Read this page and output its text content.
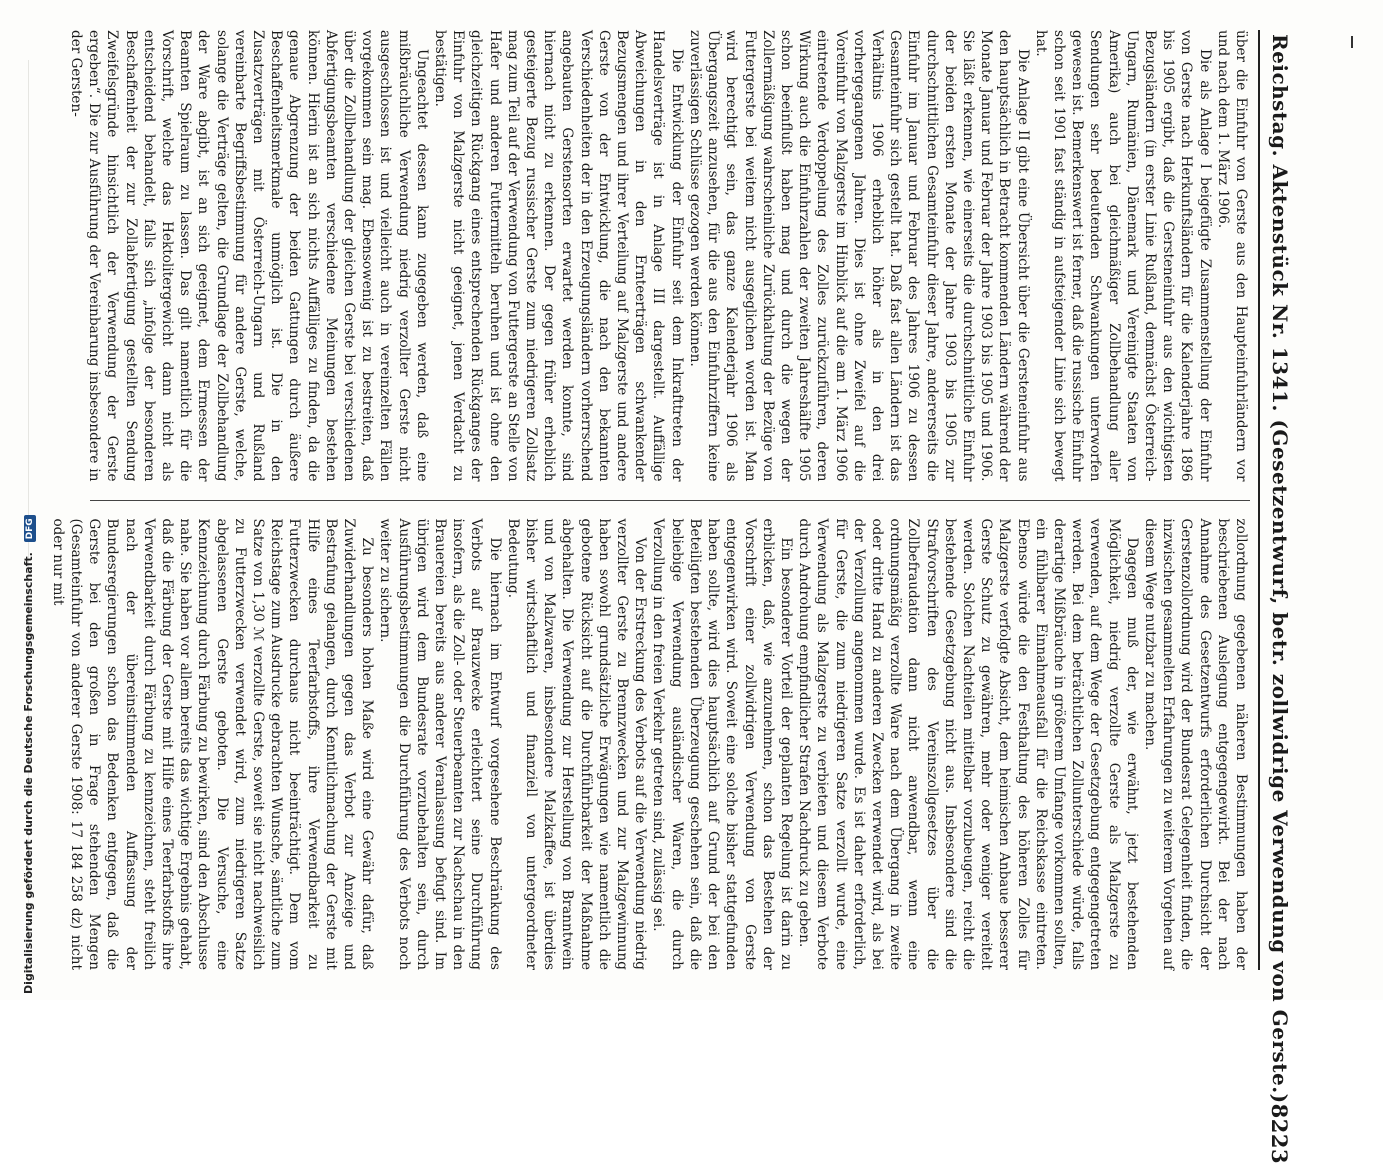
Reichstag. Aktenstück Nr. 1341. (Gesetzentwurf, betr. zollwidrige Verwendung von Gerste.)
8223

über die Einfuhr von Gerste aus den Haupteinfuhrländern vor und nach dem 1. März 1906.

Die als Anlage I beigefügte Zusammenstellung der Einfuhr von Gerste nach Herkunftsländern für die Kalenderjahre 1896 bis 1905 ergibt, daß die Gersteneinfuhr aus den wichtigsten Bezugsländern (in erster Linie Rußland, demnächst Österreich-Ungarn, Rumänien, Dänemark und Vereinigte Staaten von Amerika) auch bei gleichmäßiger Zollbehandlung aller Sendungen sehr bedeutenden Schwankungen unterworfen gewesen ist. Bemerkenswert ist ferner, daß die russische Einfuhr schon seit 1901 fast ständig in aufsteigender Linie sich bewegt hat.

Die Anlage II gibt eine Übersicht über die Gersteneinfuhr aus den hauptsächlich in Betracht kommenden Ländern während der Monate Januar und Februar der Jahre 1903 bis 1905 und 1906. Sie läßt erkennen, wie einerseits die durchschnittliche Einfuhr der beiden ersten Monate der Jahre 1903 bis 1905 zur durchschnittlichen Gesamteinfuhr dieser Jahre, andererseits die Einfuhr im Januar und Februar des Jahres 1906 zu dessen Gesamteinfuhr sich gestellt hat. Daß fast allen Ländern ist das Verhältnis 1906 erheblich höher als in den drei vorhergegangenen Jahren. Dies ist ohne Zweifel auf die Voreinfuhr von Malzgerste im Hinblick auf die am 1. März 1906 eintretende Verdoppelung des Zolles zurückzuführen, deren Wirkung auch die Einfuhrzahlen der zweiten Jahreshälfte 1905 schon beeinflußt haben mag und durch die wegen der Zollermäßigung wahrscheinliche Zurückhaltung der Bezüge von Futtergerste bei weitem nicht ausgeglichen worden ist. Man wird berechtigt sein, das ganze Kalenderjahr 1906 als Übergangszeit anzusehen, für die aus den Einfuhrziffern keine zuverlässigen Schlüsse gezogen werden können.

Die Entwicklung der Einfuhr seit dem Inkrafttreten der Handelsverträge ist in Anlage III dargestellt. Auffällige Abweichungen in den Ernteerträgen schwankender Bezugsmengen und ihrer Verteilung auf Malzgerste und andere Gerste von der Entwicklung, die nach den bekannten Verschiedenheiten der in den Erzeugungsländern vorherrschend angebauten Gerstensorten erwartet werden konnte, sind hiernach nicht zu erkennen. Der gegen früher erheblich gesteigerte Bezug russischer Gerste zum niedrigeren Zollsatz mag zum Teil auf der Verwendung von Futtergerste an Stelle von Hafer und anderen Futtermitteln beruhen und ist ohne den gleichzeitigen Rückgang eines entsprechenden Rückganges der Einfuhr von Malzgerste nicht geeignet, jenen Verdacht zu bestätigen.

Ungeachtet dessen kann zugegeben werden, daß eine mißbräuchliche Verwendung niedrig verzollter Gerste nicht ausgeschlossen ist und vielleicht auch in vereinzelten Fällen vorgekommen sein mag. Ebensowenig ist zu bestreiten, daß über die Zollbehandlung der gleichen Gerste bei verschiedenen Abfertigungsbeamten verschiedene Meinungen bestehen können. Hierin ist an sich nichts Auffälliges zu finden, da die genaue Abgrenzung der beiden Gattungen durch äußere Beschaffenheitsmerkmale unmöglich ist. Die in den Zusatzverträgen mit Österreich-Ungarn und Rußland vereinbarte Begriffsbestimmung für andere Gerste, welche, solange die Verträge gelten, die Grundlage der Zollbehandlung der Ware abgibt, ist an sich geeignet, dem Ermessen der Beamten Spielraum zu lassen. Das gilt namentlich für die Vorschrift, welche das Hektolitergewicht dann nicht als entscheidend behandelt, falls sich „infolge der besonderen Beschaffenheit der zur Zollabfertigung gestellten Sendung Zweifelsgründe hinsichtlich der Verwendung der Gerste ergeben“. Die zur Ausführung der Vereinbarung insbesondere in der Gersten-

zollordnung gegebenen näheren Bestimmungen haben der beschriebenen Auslegung entgegengewirkt. Bei der nach Annahme des Gesetzentwurfs erforderlichen Durchsicht der Gerstenzollordnung wird der Bundesrat Gelegenheit finden, die inzwischen gesammelten Erfahrungen zu weiterem Vorgehen auf diesem Wege nutzbar zu machen.

Dagegen muß der, wie erwähnt, jetzt bestehenden Möglichkeit, niedrig verzollte Gerste als Malzgerste zu verwenden, auf dem Wege der Gesetzgebung entgegengetreten werden. Bei dem beträchtlichen Zollunterschiede würde, falls derartige Mißbräuche in größerem Umfange vorkommen sollten, ein fühlbarer Einnahmeausfall für die Reichskasse eintreten. Ebenso würde die den Festhaltung des höheren Zolles für Malzgerste verfolgte Absicht, dem heimischen Anbaue besserer Gerste Schutz zu gewähren, mehr oder weniger vereitelt werden. Solchen Nachteilen mittelbar vorzubeugen, reicht die bestehende Gesetzgebung nicht aus. Insbesondere sind die Strafvorschriften des Vereinszollgesetzes über die Zollbefraudation dann nicht anwendbar, wenn eine ordnungsmäßig verzollte Ware nach dem Übergang in zweite oder dritte Hand zu anderen Zwecken verwendet wird, als bei der Verzollung angenommen wurde. Es ist daher erforderlich, für Gerste, die zum niedrigeren Satze verzollt wurde, eine Verwendung als Malzgerste zu verbieten und diesem Verbote durch Androhung empfindlicher Strafen Nachdruck zu geben.

Ein besonderer Vorteil der geplanten Regelung ist darin zu erblicken, daß, wie anzunehmen, schon das Bestehen der Vorschrift einer zollwidrigen Verwendung von Gerste entgegenwirken wird. Soweit eine solche bisher stattgefunden haben sollte, wird dies hauptsächlich auf Grund der bei den Beteiligten bestehenden Überzeugung geschehen sein, daß die beliebige Verwendung ausländischer Waren, die durch Verzollung in den freien Verkehr getreten sind, zulässig sei.

Von der Erstreckung des Verbots auf die Verwendung niedrig verzollter Gerste zu Brennzwecken und zur Malzgewinnung haben sowohl grundsätzliche Erwägungen wie namentlich die gebotene Rücksicht auf die Durchführbarkeit der Maßnahme abgehalten. Die Verwendung zur Herstellung von Branntwein und von Malzwaren, insbesondere Malzkaffee, ist überdies bisher wirtschaftlich und finanziell von untergeordneter Bedeutung.

Die hiernach im Entwurf vorgesehene Beschränkung des Verbots auf Brauzwecke erleichtert seine Durchführung insofern, als die Zoll- oder Steuerbeamten zur Nachschau in den Brauereien bereits aus anderer Veranlassung befugt sind. Im übrigen wird dem Bundesrate vorzubehalten sein, durch Ausführungsbestimmungen die Durchführung des Verbots noch weiter zu sichern.

Zu besonders hohen Maße wird eine Gewähr dafür, daß Zuwiderhandlungen gegen das Verbot zur Anzeige und Bestrafung gelangen, durch Kenntlichmachung der Gerste mit Hilfe eines Teerfarbstoffs, ihre Verwendbarkeit zu Futterzwecken durchaus nicht beeinträchtigt. Dem vom Reichstage zum Ausdrucke gebrachten Wunsche, sämtliche zum Satze von 1,30 ℳ verzollte Gerste, soweit sie nicht nachweislich zu Futterzwecken verwendet wird, zum niedrigeren Satze abgelassenen Gerste geboten. Die Versuche, eine Kennzeichnung durch Färbung zu bewirken, sind den Abschlusse nahe. Sie haben vor allem bereits das wichtige Ergebnis gehabt, daß die Färbung der Gerste mit Hilfe eines Teerfarbstoffs ihre Verwendbarkeit durch Färbung zu kennzeichnen, steht freilich nach der übereinstimmenden Auffassung der Bundesregierungen schon das Bedenken entgegen, daß die Gerste bei den großen in Frage stehenden Mengen (Gesamteinfuhr von anderer Gerste 1908: 17 184 258 dz) nicht oder nur mit

Digitalisierung gefördert durch die Deutsche Forschungsgemeinschaft. DFG
